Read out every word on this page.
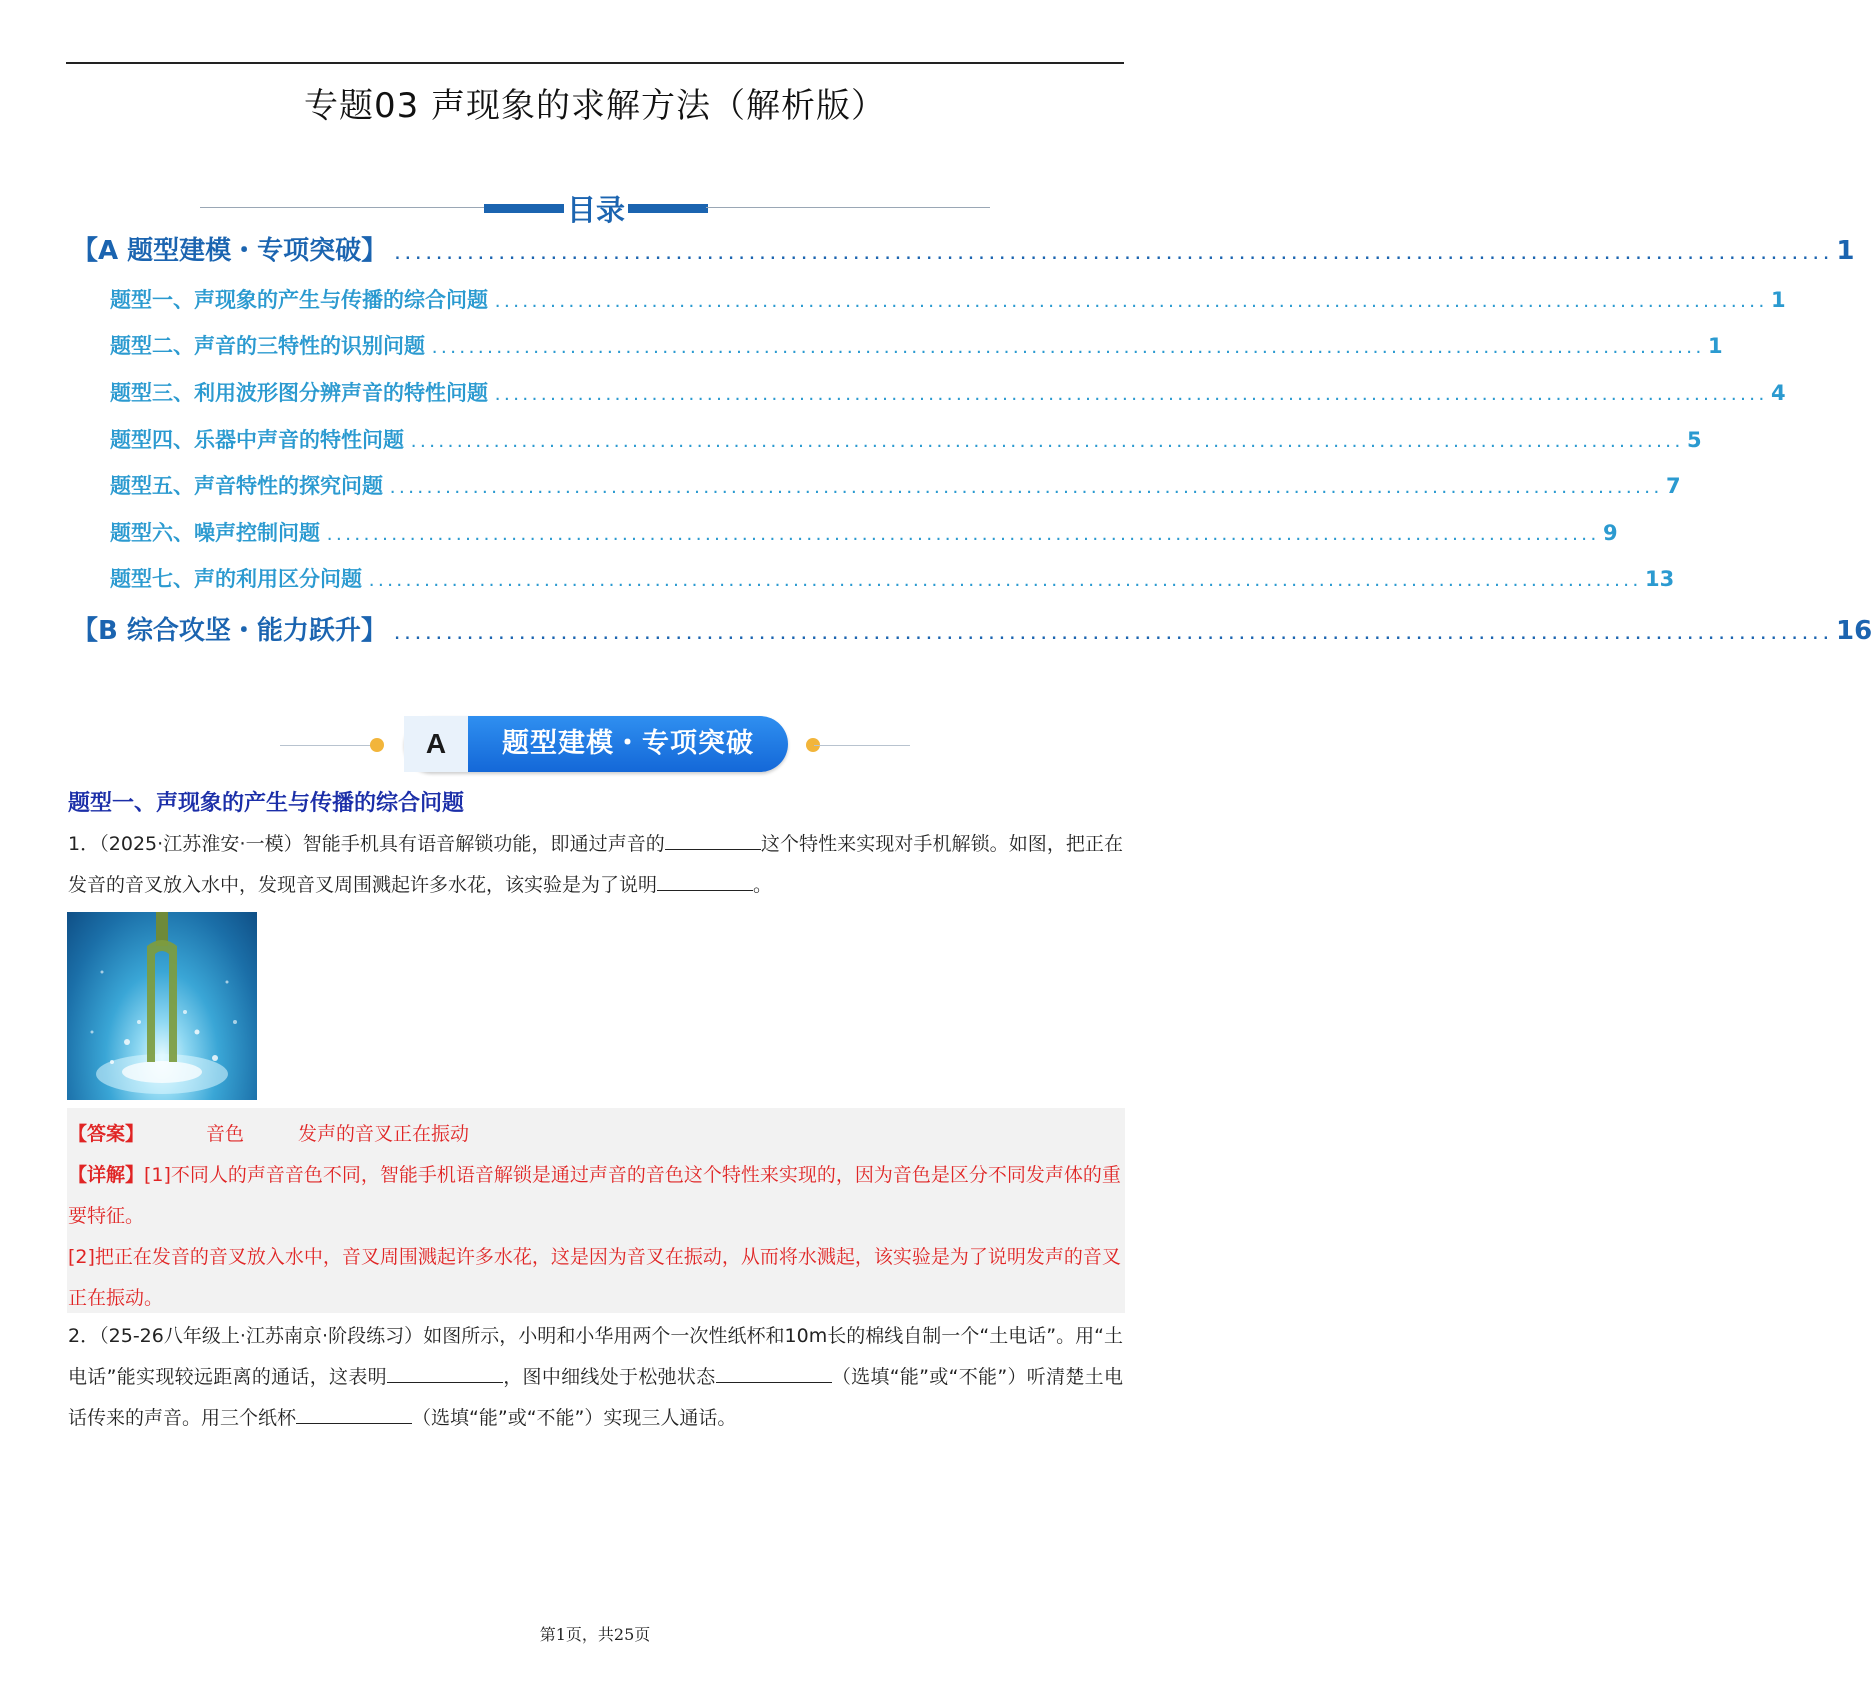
专题03 声现象的求解方法（解析版）
目录
【A 题型建模・专项突破】 .......................................................................................................................................... 1
题型一、声现象的产生与传播的综合问题 .......................................................................................................................................... 1
题型二、声音的三特性的识别问题 .......................................................................................................................................... 1
题型三、利用波形图分辨声音的特性问题 .......................................................................................................................................... 4
题型四、乐器中声音的特性问题 .......................................................................................................................................... 5
题型五、声音特性的探究问题 .......................................................................................................................................... 7
题型六、噪声控制问题 .......................................................................................................................................... 9
题型七、声的利用区分问题 .......................................................................................................................................... 13
【B 综合攻坚・能力跃升】 .......................................................................................................................................... 16
A	题型建模・专项突破
题型一、声现象的产生与传播的综合问题
1．（2025·江苏淮安·一模）智能手机具有语音解锁功能，即通过声音的	这个特性来实现对手机解锁。如图，把正在发音的音叉放入水中，发现音叉周围溅起许多水花，该实验是为了说明	。
【答案】	音色	发声的音叉正在振动
【详解】[1]不同人的声音音色不同，智能手机语音解锁是通过声音的音色这个特性来实现的，因为音色是区分不同发声体的重要特征。
[2]把正在发音的音叉放入水中，音叉周围溅起许多水花，这是因为音叉在振动，从而将水溅起，该实验是为了说明发声的音叉正在振动。
2．（25-26八年级上·江苏南京·阶段练习）如图所示，小明和小华用两个一次性纸杯和10m长的棉线自制一个“土电话”。用“土电话”能实现较远距离的通话，这表明	，图中细线处于松弛状态	（选填“能”或“不能”）听清楚土电话传来的声音。用三个纸杯	（选填“能”或“不能”）实现三人通话。
第1页，共25页
